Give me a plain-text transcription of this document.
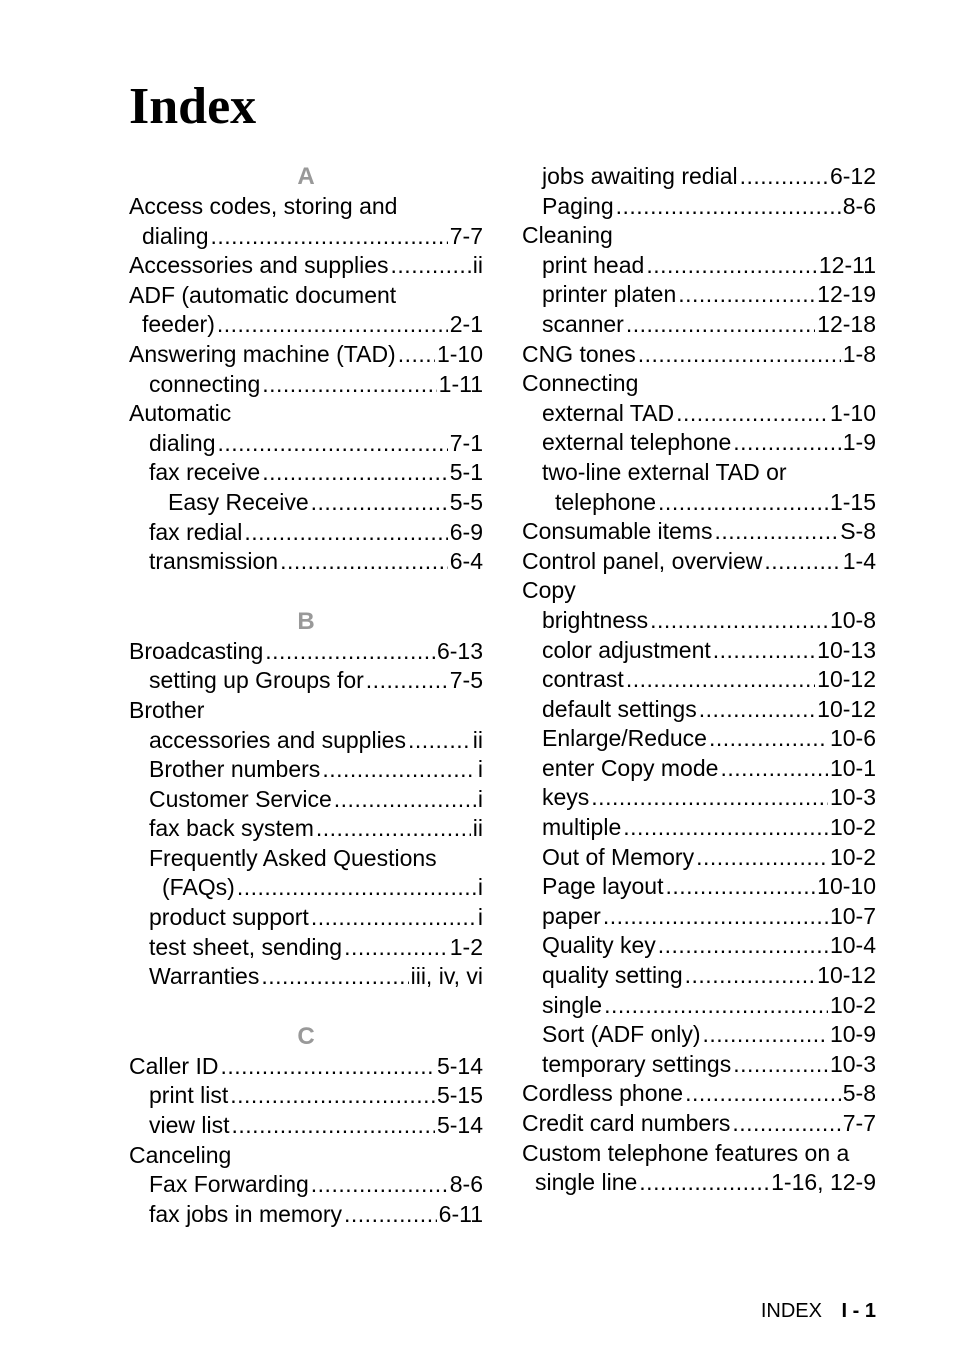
Index
A
Access codes, storing and
dialing .....	7-7
Accessories and supplies .....	ii
ADF (automatic document
feeder) .....	2-1
Answering machine (TAD) ..... 1-10
connecting .....	1-11
Automatic
dialing .....	7-1
fax receive .....	5-1
Easy Receive .....	5-5
fax redial .....	6-9
transmission .....	6-4
B
Broadcasting .....	6-13
setting up Groups for .....	7-5
Brother
accessories and supplies .....	ii
Brother numbers .....	i
Customer Service .....	i
fax back system .....	ii
Frequently Asked Questions
(FAQs) .....	i
product support .....	i
test sheet, sending .....	1-2
Warranties .....	iii, iv, vi
C
Caller ID .....	5-14
print list .....	5-15
view list .....	5-14
Canceling
Fax Forwarding .....	8-6
fax jobs in memory .....	6-11
jobs awaiting redial .....	6-12
Paging .....	8-6
Cleaning
print head .....	12-11
printer platen .....	12-19
scanner .....	12-18
CNG tones .....	1-8
Connecting
external TAD .....	1-10
external telephone .....	1-9
two-line external TAD or
telephone .....	1-15
Consumable items .....	S-8
Control panel, overview .....	1-4
Copy
brightness .....	10-8
color adjustment .....	10-13
contrast .....	10-12
default settings .....	10-12
Enlarge/Reduce .....	10-6
enter Copy mode .....	10-1
keys .....	10-3
multiple .....	10-2
Out of Memory .....	10-2
Page layout .....	10-10
paper .....	10-7
Quality key .....	10-4
quality setting .....	10-12
single .....	10-2
Sort (ADF only) .....	10-9
temporary settings .....	10-3
Cordless phone .....	5-8
Credit card numbers .....	7-7
Custom telephone features on a
single line .....	1-16, 12-9
INDEX I - 1
